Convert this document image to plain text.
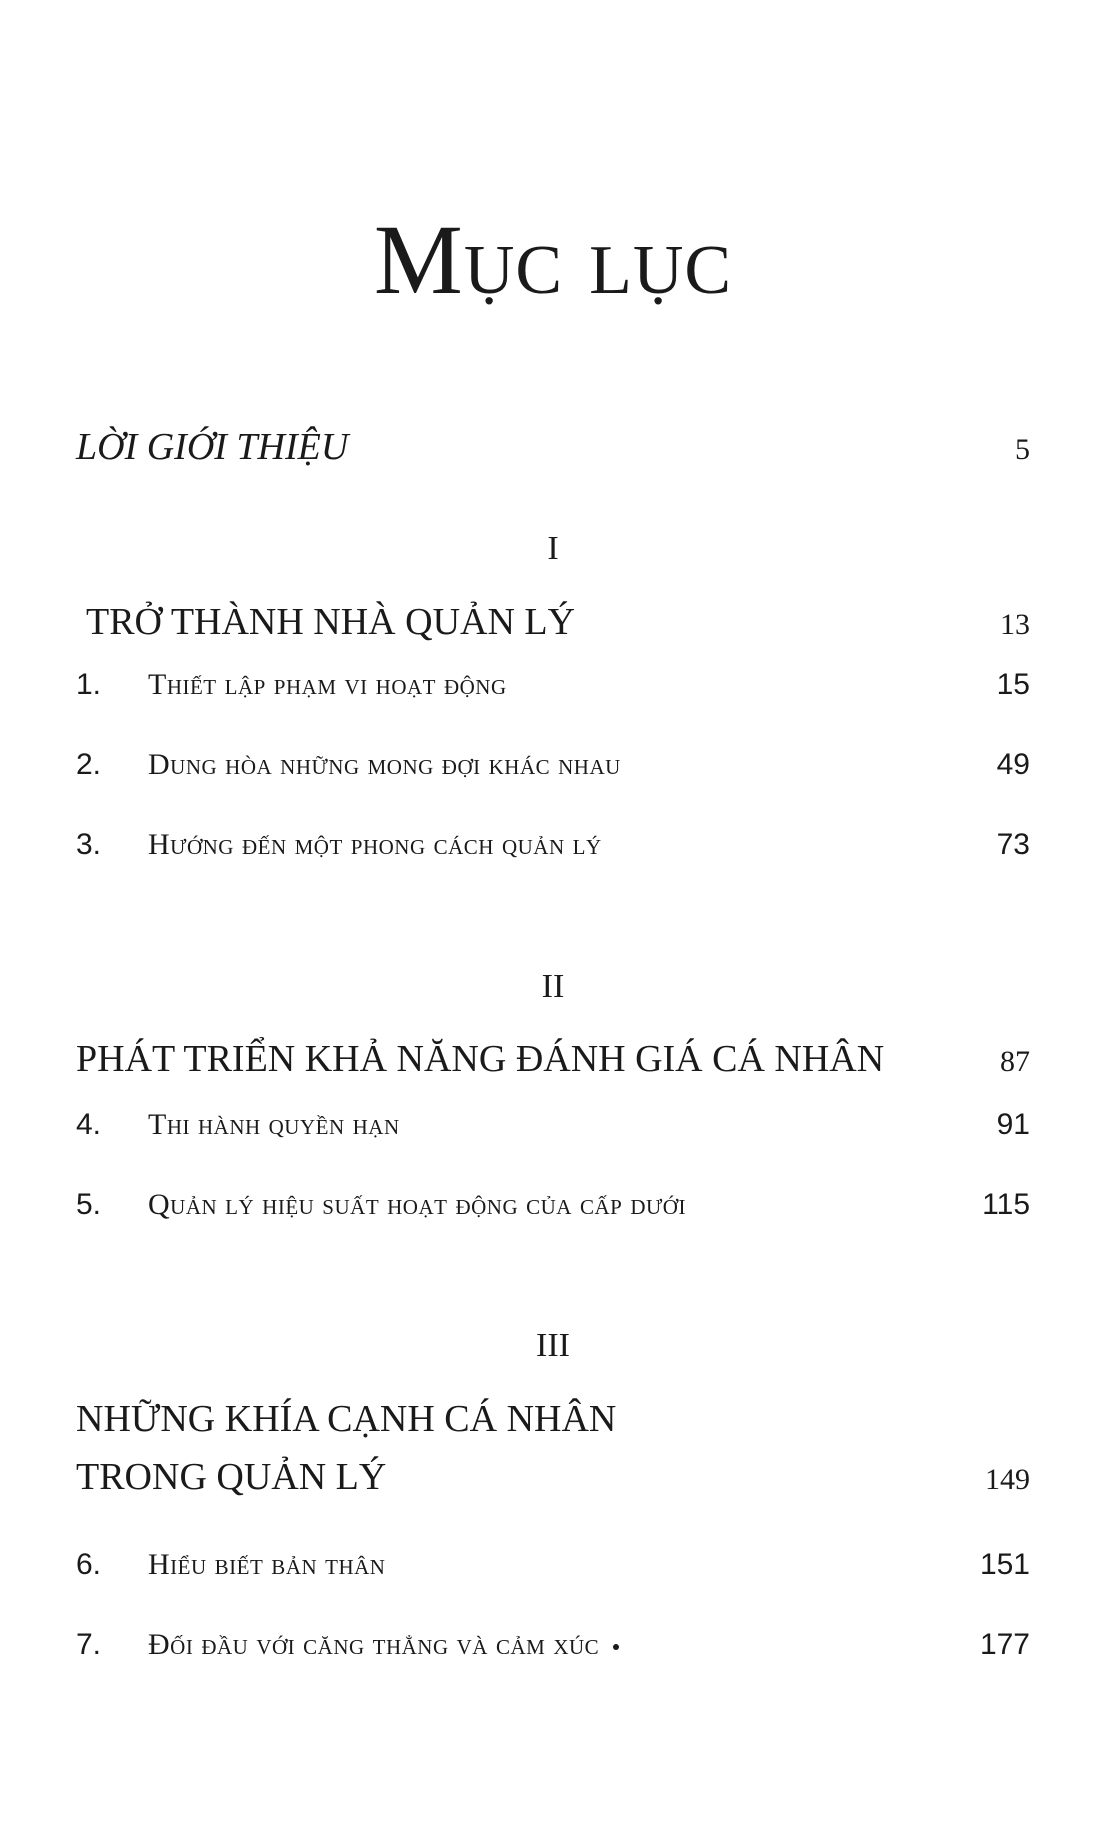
Mục lục
LỜI GIỚI THIỆU	5
I
TRỞ THÀNH NHÀ QUẢN LÝ	13
1.	Thiết lập phạm vi hoạt động	15
2.	Dung hòa những mong đợi khác nhau	49
3.	Hướng đến một phong cách quản lý	73
II
PHÁT TRIỂN KHẢ NĂNG ĐÁNH GIÁ CÁ NHÂN	87
4.	Thi hành quyền hạn	91
5.	Quản lý hiệu suất hoạt động của cấp dưới	115
III
NHỮNG KHÍA CẠNH CÁ NHÂN
TRONG QUẢN LÝ	149
6.	Hiểu biết bản thân	151
7.	Đối đầu với căng thẳng và cảm xúc	177
